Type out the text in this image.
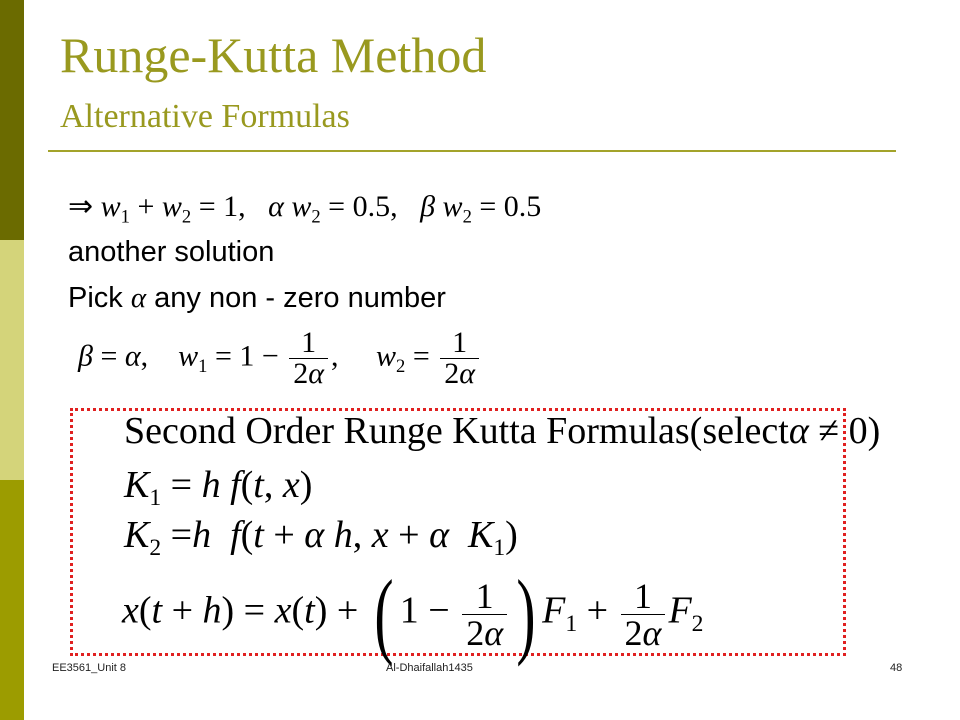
Runge-Kutta Method
Alternative Formulas
⇒ $w_1 + w_2 = 1$,   α $w_2 = 0.5$,   β $w_2 = 0.5$
another solution
Pick α any non - zero number
β = α,    $w_1 = 1 - \frac{1}{2\alpha}$ ,     $w_2 = \frac{1}{2\alpha}$
Second Order Runge Kutta Formulas(selectα ≠ 0)
$K_1 = h$ f(t, x)
$K_2 =h$ f(t + α h, x + α $K_1$)
x(t + h) = x(t) + ( $1 - \frac{1}{2\alpha}$ ) $F_1 + \frac{1}{2\alpha} F_2$
EE3561_Unit 8	Al-Dhaifallah1435	48
